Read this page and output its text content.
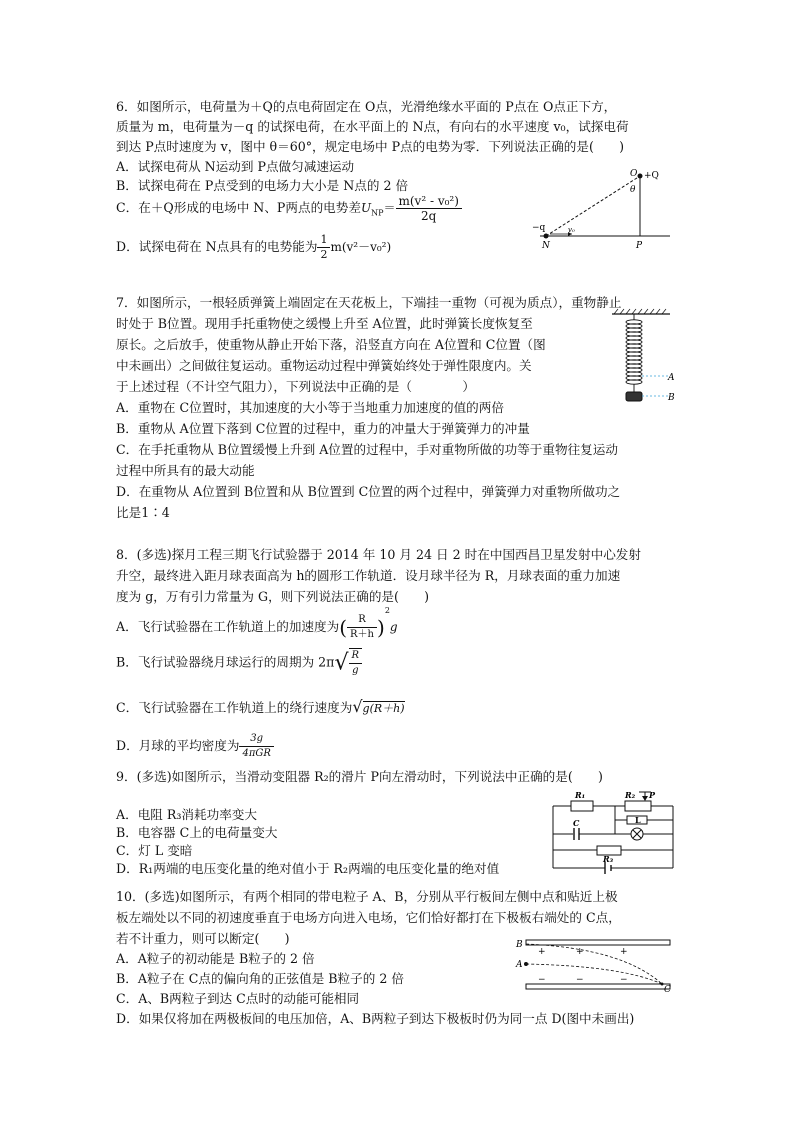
6．如图所示，电荷量为＋Q的点电荷固定在 O点，光滑绝缘水平面的 P点在 O点正下方，
质量为 m，电荷量为－q 的试探电荷，在水平面上的 N点，有向右的水平速度 v₀，试探电荷
到达 P点时速度为 v，图中 θ＝60°，规定电场中 P点的电势为零．下列说法正确的是(　　)
A．试探电荷从 N运动到 P点做匀减速运动
B．试探电荷在 P点受到的电场力大小是 N点的 2 倍
C．在＋Q形成的电场中 N、P两点的电势差$U_{NP}= \frac{\text{m(v² - v₀²)}}{2q}$
D．试探电荷在 N点具有的电势能为 $\frac{1}{2} m(v^2-v_0^2)$
O +Q
θ
−q	v₀
N	P
7．如图所示，一根轻质弹簧上端固定在天花板上，下端挂一重物（可视为质点），重物静止
时处于 B位置。现用手托重物使之缓慢上升至 A位置，此时弹簧长度恢复至
原长。之后放手，使重物从静止开始下落，沿竖直方向在 A位置和 C位置（图
中未画出）之间做往复运动。重物运动过程中弹簧始终处于弹性限度内。关
于上述过程（不计空气阻力），下列说法中正确的是（　　　　）
A．重物在 C位置时，其加速度的大小等于当地重力加速度的值的两倍
B．重物从 A位置下落到 C位置的过程中，重力的冲量大于弹簧弹力的冲量
C．在手托重物从 B位置缓慢上升到 A位置的过程中，手对重物所做的功等于重物往复运动
过程中所具有的最大动能
D．在重物从 A位置到 B位置和从 B位置到 C位置的两个过程中，弹簧弹力对重物所做功之
比是1∶4
A
B
8．(多选)探月工程三期飞行试验器于 2014 年 10 月 24 日 2 时在中国西昌卫星发射中心发射
升空，最终进入距月球表面高为 h的圆形工作轨道．设月球半径为 R，月球表面的重力加速
度为 g，万有引力常量为 G，则下列说法正确的是(　　)
A．飞行试验器在工作轨道上的加速度为( $\frac{R}{R+h} )^2g$
B．飞行试验器绕月球运行的周期为 $2\pi√ \frac{R}{g}$
C．飞行试验器在工作轨道上的绕行速度为√g(R＋h)
D．月球的平均密度为 $\frac{3g}{\text{4πGR}}$
9．(多选)如图所示，当滑动变阻器 R₂的滑片 P向左滑动时，下列说法中正确的是(　　)
A．电阻 R₃消耗功率变大
B．电容器 C上的电荷量变大
C．灯 L 变暗
D．R₁两端的电压变化量的绝对值小于 R₂两端的电压变化量的绝对值
R₁	R₂ P
C	L
R₃
10．(多选)如图所示，有两个相同的带电粒子 A、B，分别从平行板间左侧中点和贴近上极
板左端处以不同的初速度垂直于电场方向进入电场，它们恰好都打在下极板右端处的 C点，
若不计重力，则可以断定(　　)
A．A粒子的初动能是 B粒子的 2 倍
B．A粒子在 C点的偏向角的正弦值是 B粒子的 2 倍
C．A、B两粒子到达 C点时的动能可能相同
D．如果仅将加在两极板间的电压加倍，A、B两粒子到达下极板时仍为同一点 D(图中未画出)
B
A
C
+	+	+
−	−	−
